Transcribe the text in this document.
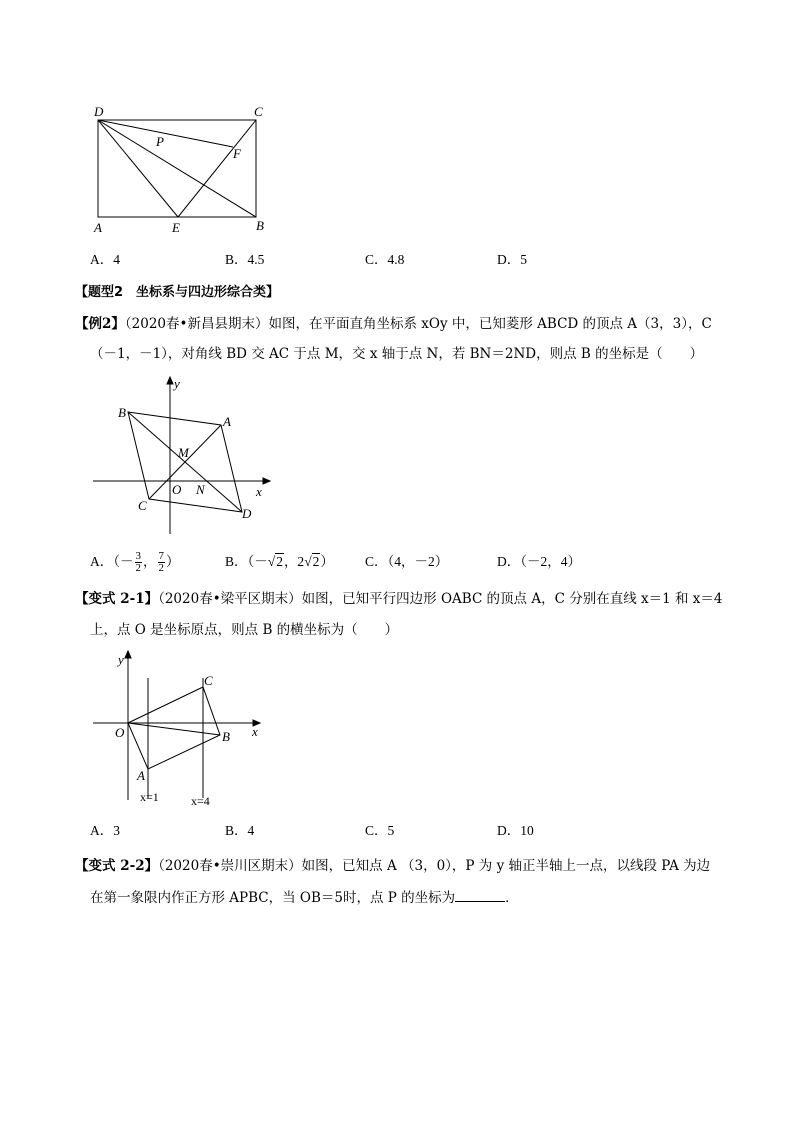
D	C
P
F
A	E	B
A．4	B．4.5	C．4.8	D．5
【题型2　坐标系与四边形综合类】
【例2】（2020春•新昌县期末）如图，在平面直角坐标系 xOy 中，已知菱形 ABCD 的顶点 A（3，3），C
（－1，－1），对角线 BD 交 AC 于点 M，交 x 轴于点 N，若 BN＝2ND，则点 B 的坐标是（　　）
y
x
B
A
M
O N
C
D
A．（－ $\frac{3}{2}$ ， $\frac{7}{2}$ ）	B．（－√2，2√2） C．（4，－2）	D．（－2，4）
【变式 2-1】（2020春•梁平区期末）如图，已知平行四边形 OABC 的顶点 A，C 分别在直线 x＝1 和 x＝4
上，点 O 是坐标原点，则点 B 的横坐标为（　　）
y
x
O
C
B
A
x=1	x=4
A．3	B．4	C．5	D．10
【变式 2-2】（2020春•崇川区期末）如图，已知点 A （3，0），P 为 y 轴正半轴上一点，以线段 PA 为边
在第一象限内作正方形 APBC，当 OB＝5时，点 P 的坐标为	．
